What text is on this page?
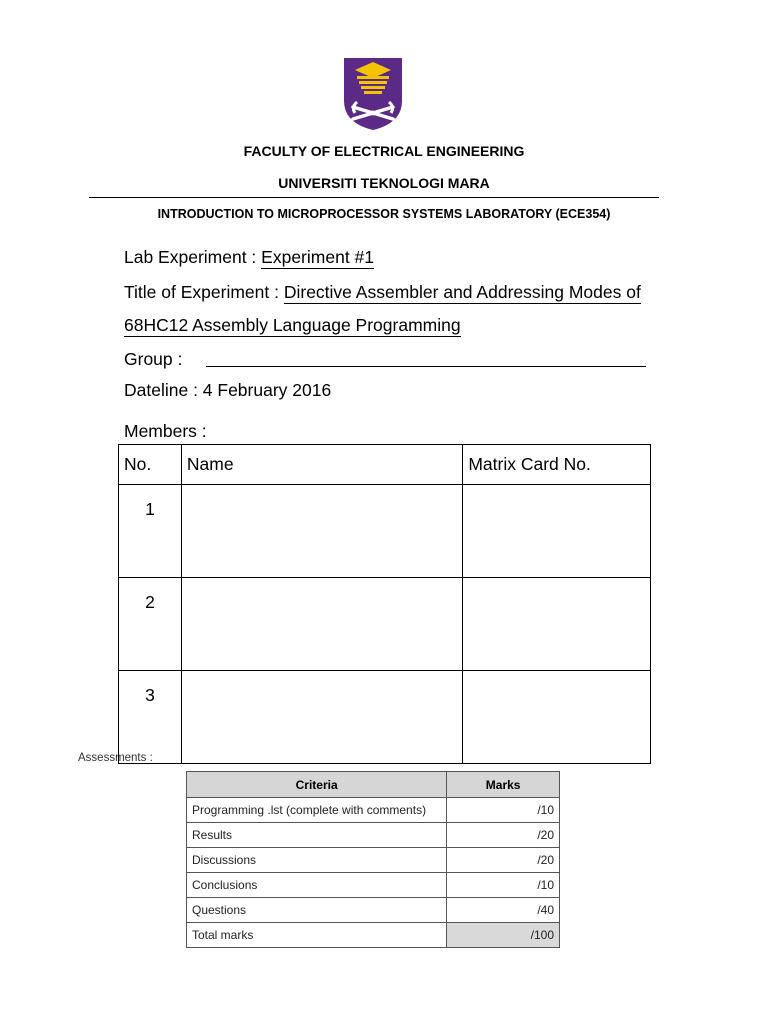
FACULTY OF ELECTRICAL ENGINEERING
UNIVERSITI TEKNOLOGI MARA
INTRODUCTION TO MICROPROCESSOR SYSTEMS LABORATORY (ECE354)
Lab Experiment : Experiment #1
Title of Experiment : Directive Assembler and Addressing Modes of
68HC12 Assembly Language Programming
Group :
Dateline : 4 February 2016
Members :
No.	Name	Matrix Card No.
1		
2		
3		
Assessments :
Criteria	Marks
Programming .lst (complete with comments)	/10
Results	/20
Discussions	/20
Conclusions	/10
Questions	/40
Total marks	/100
